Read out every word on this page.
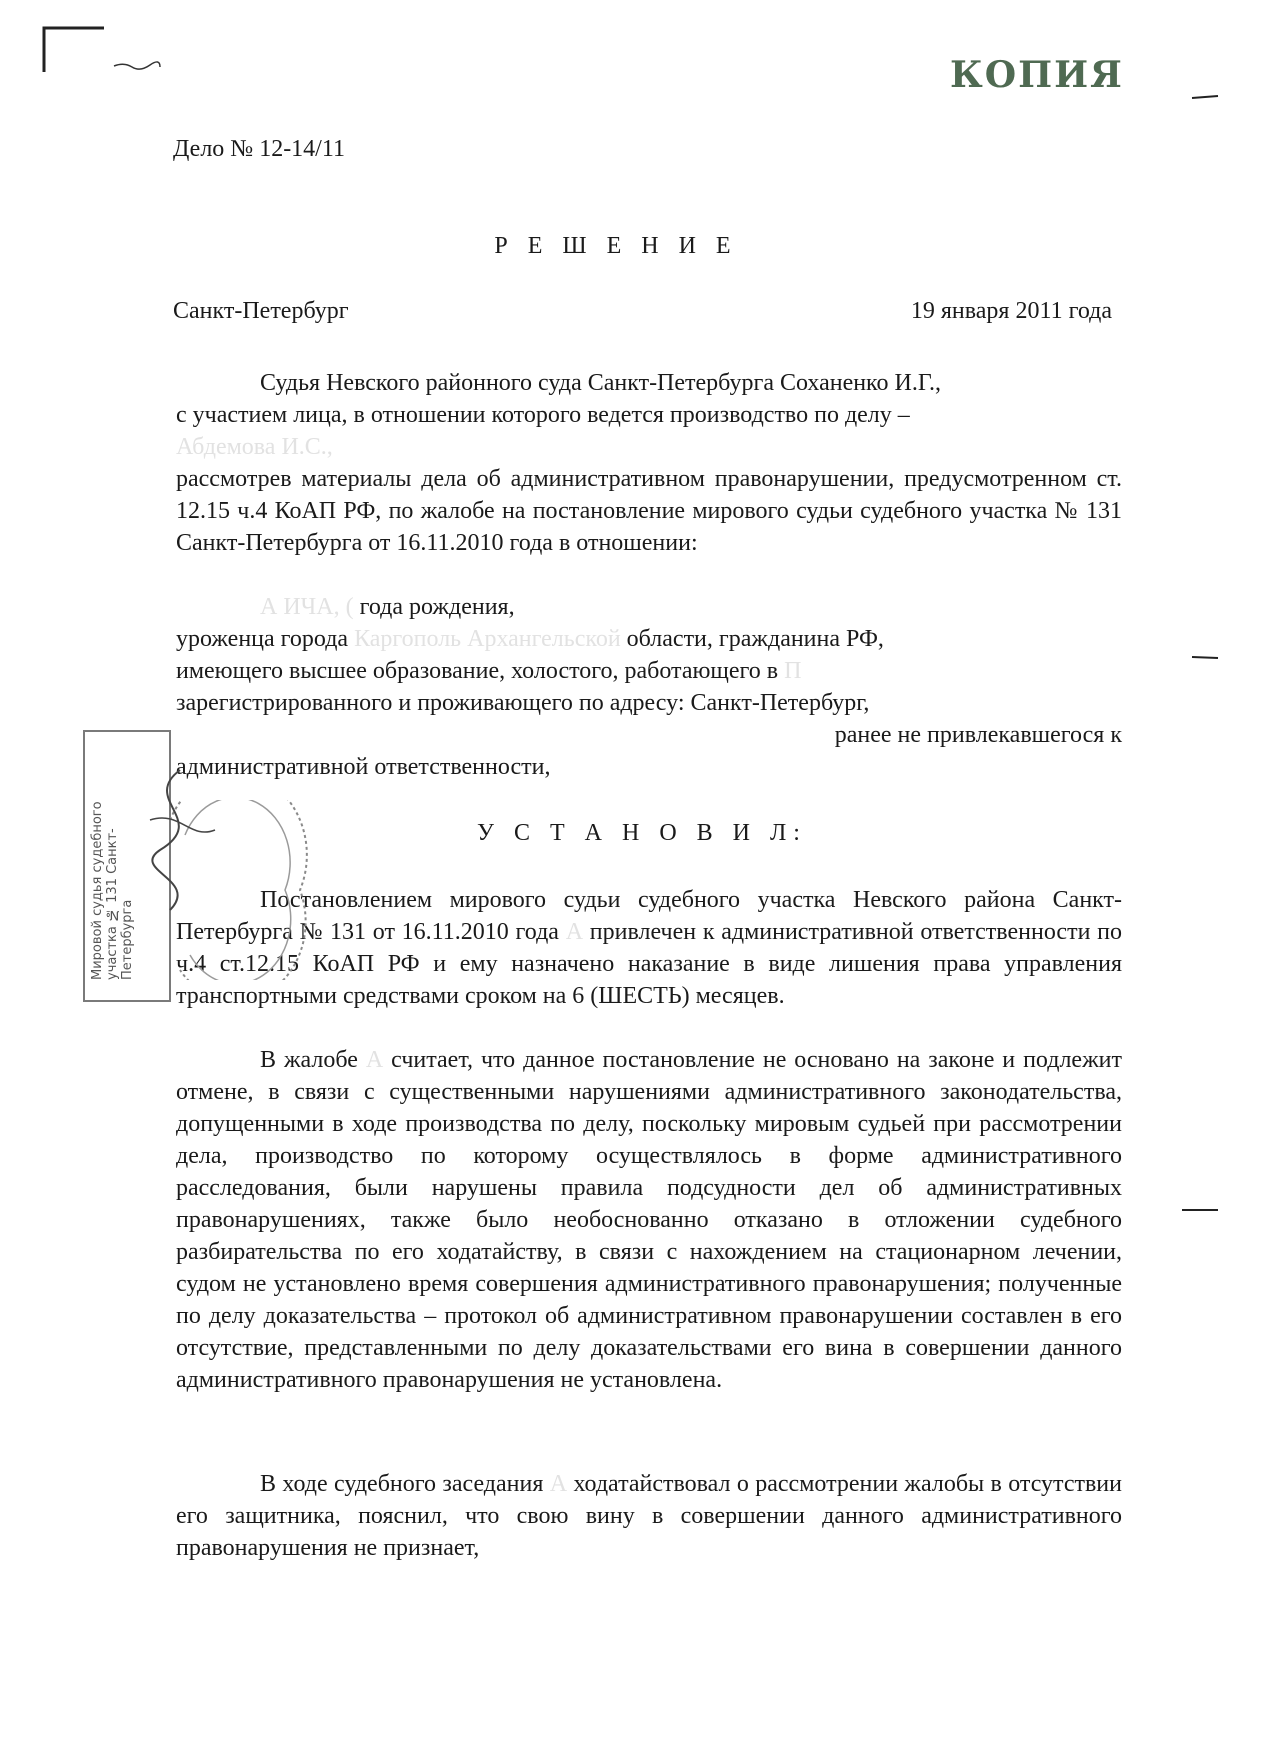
КОПИЯ
Дело № 12-14/11
Р Е Ш Е Н И Е
Санкт-Петербург	19 января 2011 года

Судья Невского районного суда Санкт-Петербурга Соханенко И.Г.,

с участием лица, в отношении которого ведется производство по делу –

Абдемова И.С.,

рассмотрев материалы дела об административном правонарушении, предусмотренном ст. 12.15 ч.4 КоАП РФ, по жалобе на постановление мирового судьи судебного участка № 131 Санкт-Петербурга от 16.11.2010 года в отношении:

А ИЧА, ( года рождения,

уроженца города Каргополь Архангельской области, гражданина РФ,

имеющего высшее образование, холостого, работающего в П

зарегистрированного и проживающего по адресу: Санкт-Петербург,

ранее не привлекавшегося к

административной ответственности,

У С Т А Н О В И Л:

Постановлением мирового судьи судебного участка Невского района Санкт-Петербурга № 131 от 16.11.2010 года А привлечен к административной ответственности по ч.4 ст.12.15 КоАП РФ и ему назначено наказание в виде лишения права управления транспортными средствами сроком на 6 (ШЕСТЬ) месяцев.

В жалобе А считает, что данное постановление не основано на законе и подлежит отмене, в связи с существенными нарушениями административного законодательства, допущенными в ходе производства по делу, поскольку мировым судьей при рассмотрении дела, производство по которому осуществлялось в форме административного расследования, были нарушены правила подсудности дел об административных правонарушениях, также было необоснованно отказано в отложении судебного разбирательства по его ходатайству, в связи с нахождением на стационарном лечении, судом не установлено время совершения административного правонарушения; полученные по делу доказательства – протокол об административном правонарушении составлен в его отсутствие, представленными по делу доказательствами его вина в совершении данного административного правонарушения не установлена.

В ходе судебного заседания А ходатайствовал о рассмотрении жалобы в отсутствии его защитника, пояснил, что свою вину в совершении данного административного правонарушения не признает,

Мировой судья судебного участка № 131 Санкт-Петербурга
